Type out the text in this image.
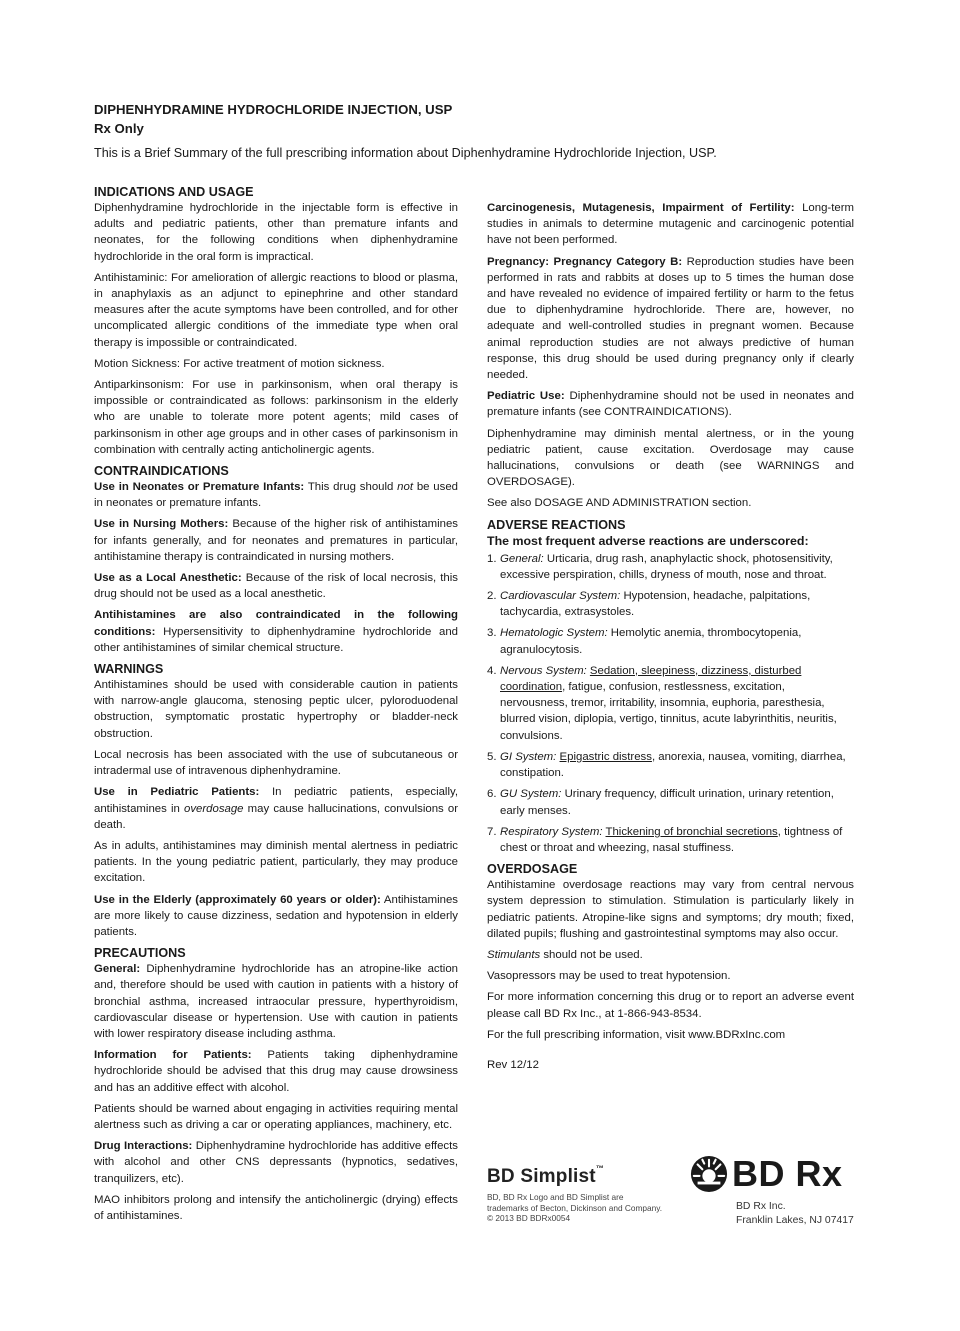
DIPHENHYDRAMINE HYDROCHLORIDE INJECTION, USP
Rx Only
This is a Brief Summary of the full prescribing information about Diphenhydramine Hydrochloride Injection, USP.
INDICATIONS AND USAGE

Diphenhydramine hydrochloride in the injectable form is effective in adults and pediatric patients, other than premature infants and neonates, for the following conditions when diphenhydramine hydrochloride in the oral form is impractical.

Antihistaminic: For amelioration of allergic reactions to blood or plasma, in anaphylaxis as an adjunct to epinephrine and other standard measures after the acute symptoms have been controlled, and for other uncomplicated allergic conditions of the immediate type when oral therapy is impossible or contraindicated.

Motion Sickness: For active treatment of motion sickness.

Antiparkinsonism: For use in parkinsonism, when oral therapy is impossible or contraindicated as follows: parkinsonism in the elderly who are unable to tolerate more potent agents; mild cases of parkinsonism in other age groups and in other cases of parkinsonism in combination with centrally acting anticholinergic agents.

CONTRAINDICATIONS

Use in Neonates or Premature Infants: This drug should not be used in neonates or premature infants.

Use in Nursing Mothers: Because of the higher risk of antihistamines for infants generally, and for neonates and prematures in particular, antihistamine therapy is contraindicated in nursing mothers.

Use as a Local Anesthetic: Because of the risk of local necrosis, this drug should not be used as a local anesthetic.

Antihistamines are also contraindicated in the following conditions: Hypersensitivity to diphenhydramine hydrochloride and other antihistamines of similar chemical structure.

WARNINGS

Antihistamines should be used with considerable caution in patients with narrow-angle glaucoma, stenosing peptic ulcer, pyloroduodenal obstruction, symptomatic prostatic hypertrophy or bladder-neck obstruction.

Local necrosis has been associated with the use of subcutaneous or intradermal use of intravenous diphenhydramine.

Use in Pediatric Patients: In pediatric patients, especially, antihistamines in overdosage may cause hallucinations, convulsions or death.

As in adults, antihistamines may diminish mental alertness in pediatric patients. In the young pediatric patient, particularly, they may produce excitation.

Use in the Elderly (approximately 60 years or older): Antihistamines are more likely to cause dizziness, sedation and hypotension in elderly patients.

PRECAUTIONS

General: Diphenhydramine hydrochloride has an atropine-like action and, therefore should be used with caution in patients with a history of bronchial asthma, increased intraocular pressure, hyperthyroidism, cardiovascular disease or hypertension. Use with caution in patients with lower respiratory disease including asthma.

Information for Patients: Patients taking diphenhydramine hydrochloride should be advised that this drug may cause drowsiness and has an additive effect with alcohol.

Patients should be warned about engaging in activities requiring mental alertness such as driving a car or operating appliances, machinery, etc.

Drug Interactions: Diphenhydramine hydrochloride has additive effects with alcohol and other CNS depressants (hypnotics, sedatives, tranquilizers, etc).

MAO inhibitors prolong and intensify the anticholinergic (drying) effects of antihistamines.

Carcinogenesis, Mutagenesis, Impairment of Fertility: Long-term studies in animals to determine mutagenic and carcinogenic potential have not been performed.

Pregnancy: Pregnancy Category B: Reproduction studies have been performed in rats and rabbits at doses up to 5 times the human dose and have revealed no evidence of impaired fertility or harm to the fetus due to diphenhydramine hydrochloride. There are, however, no adequate and well-controlled studies in pregnant women. Because animal reproduction studies are not always predictive of human response, this drug should be used during pregnancy only if clearly needed.

Pediatric Use: Diphenhydramine should not be used in neonates and premature infants (see CONTRAINDICATIONS).

Diphenhydramine may diminish mental alertness, or in the young pediatric patient, cause excitation. Overdosage may cause hallucinations, convulsions or death (see WARNINGS and OVERDOSAGE).

See also DOSAGE AND ADMINISTRATION section.

ADVERSE REACTIONS
The most frequent adverse reactions are underscored:
1. General: Urticaria, drug rash, anaphylactic shock, photosensitivity, excessive perspiration, chills, dryness of mouth, nose and throat.
2. Cardiovascular System: Hypotension, headache, palpitations, tachycardia, extrasystoles.
3. Hematologic System: Hemolytic anemia, thrombocytopenia, agranulocytosis.
4. Nervous System: Sedation, sleepiness, dizziness, disturbed coordination, fatigue, confusion, restlessness, excitation, nervousness, tremor, irritability, insomnia, euphoria, paresthesia, blurred vision, diplopia, vertigo, tinnitus, acute labyrinthitis, neuritis, convulsions.
5. GI System: Epigastric distress, anorexia, nausea, vomiting, diarrhea, constipation.
6. GU System: Urinary frequency, difficult urination, urinary retention, early menses.
7. Respiratory System: Thickening of bronchial secretions, tightness of chest or throat and wheezing, nasal stuffiness.
OVERDOSAGE

Antihistamine overdosage reactions may vary from central nervous system depression to stimulation. Stimulation is particularly likely in pediatric patients. Atropine-like signs and symptoms; dry mouth; fixed, dilated pupils; flushing and gastrointestinal symptoms may also occur.

Stimulants should not be used.

Vasopressors may be used to treat hypotension.

For more information concerning this drug or to report an adverse event please call BD Rx Inc., at 1-866-943-8534.

For the full prescribing information, visit www.BDRxInc.com

Rev 12/12

BD Simplist™
BD, BD Rx Logo and BD Simplist are
trademarks of Becton, Dickinson and Company.
© 2013 BD BDRx0054
BD Rx
BD Rx Inc.
Franklin Lakes, NJ 07417
